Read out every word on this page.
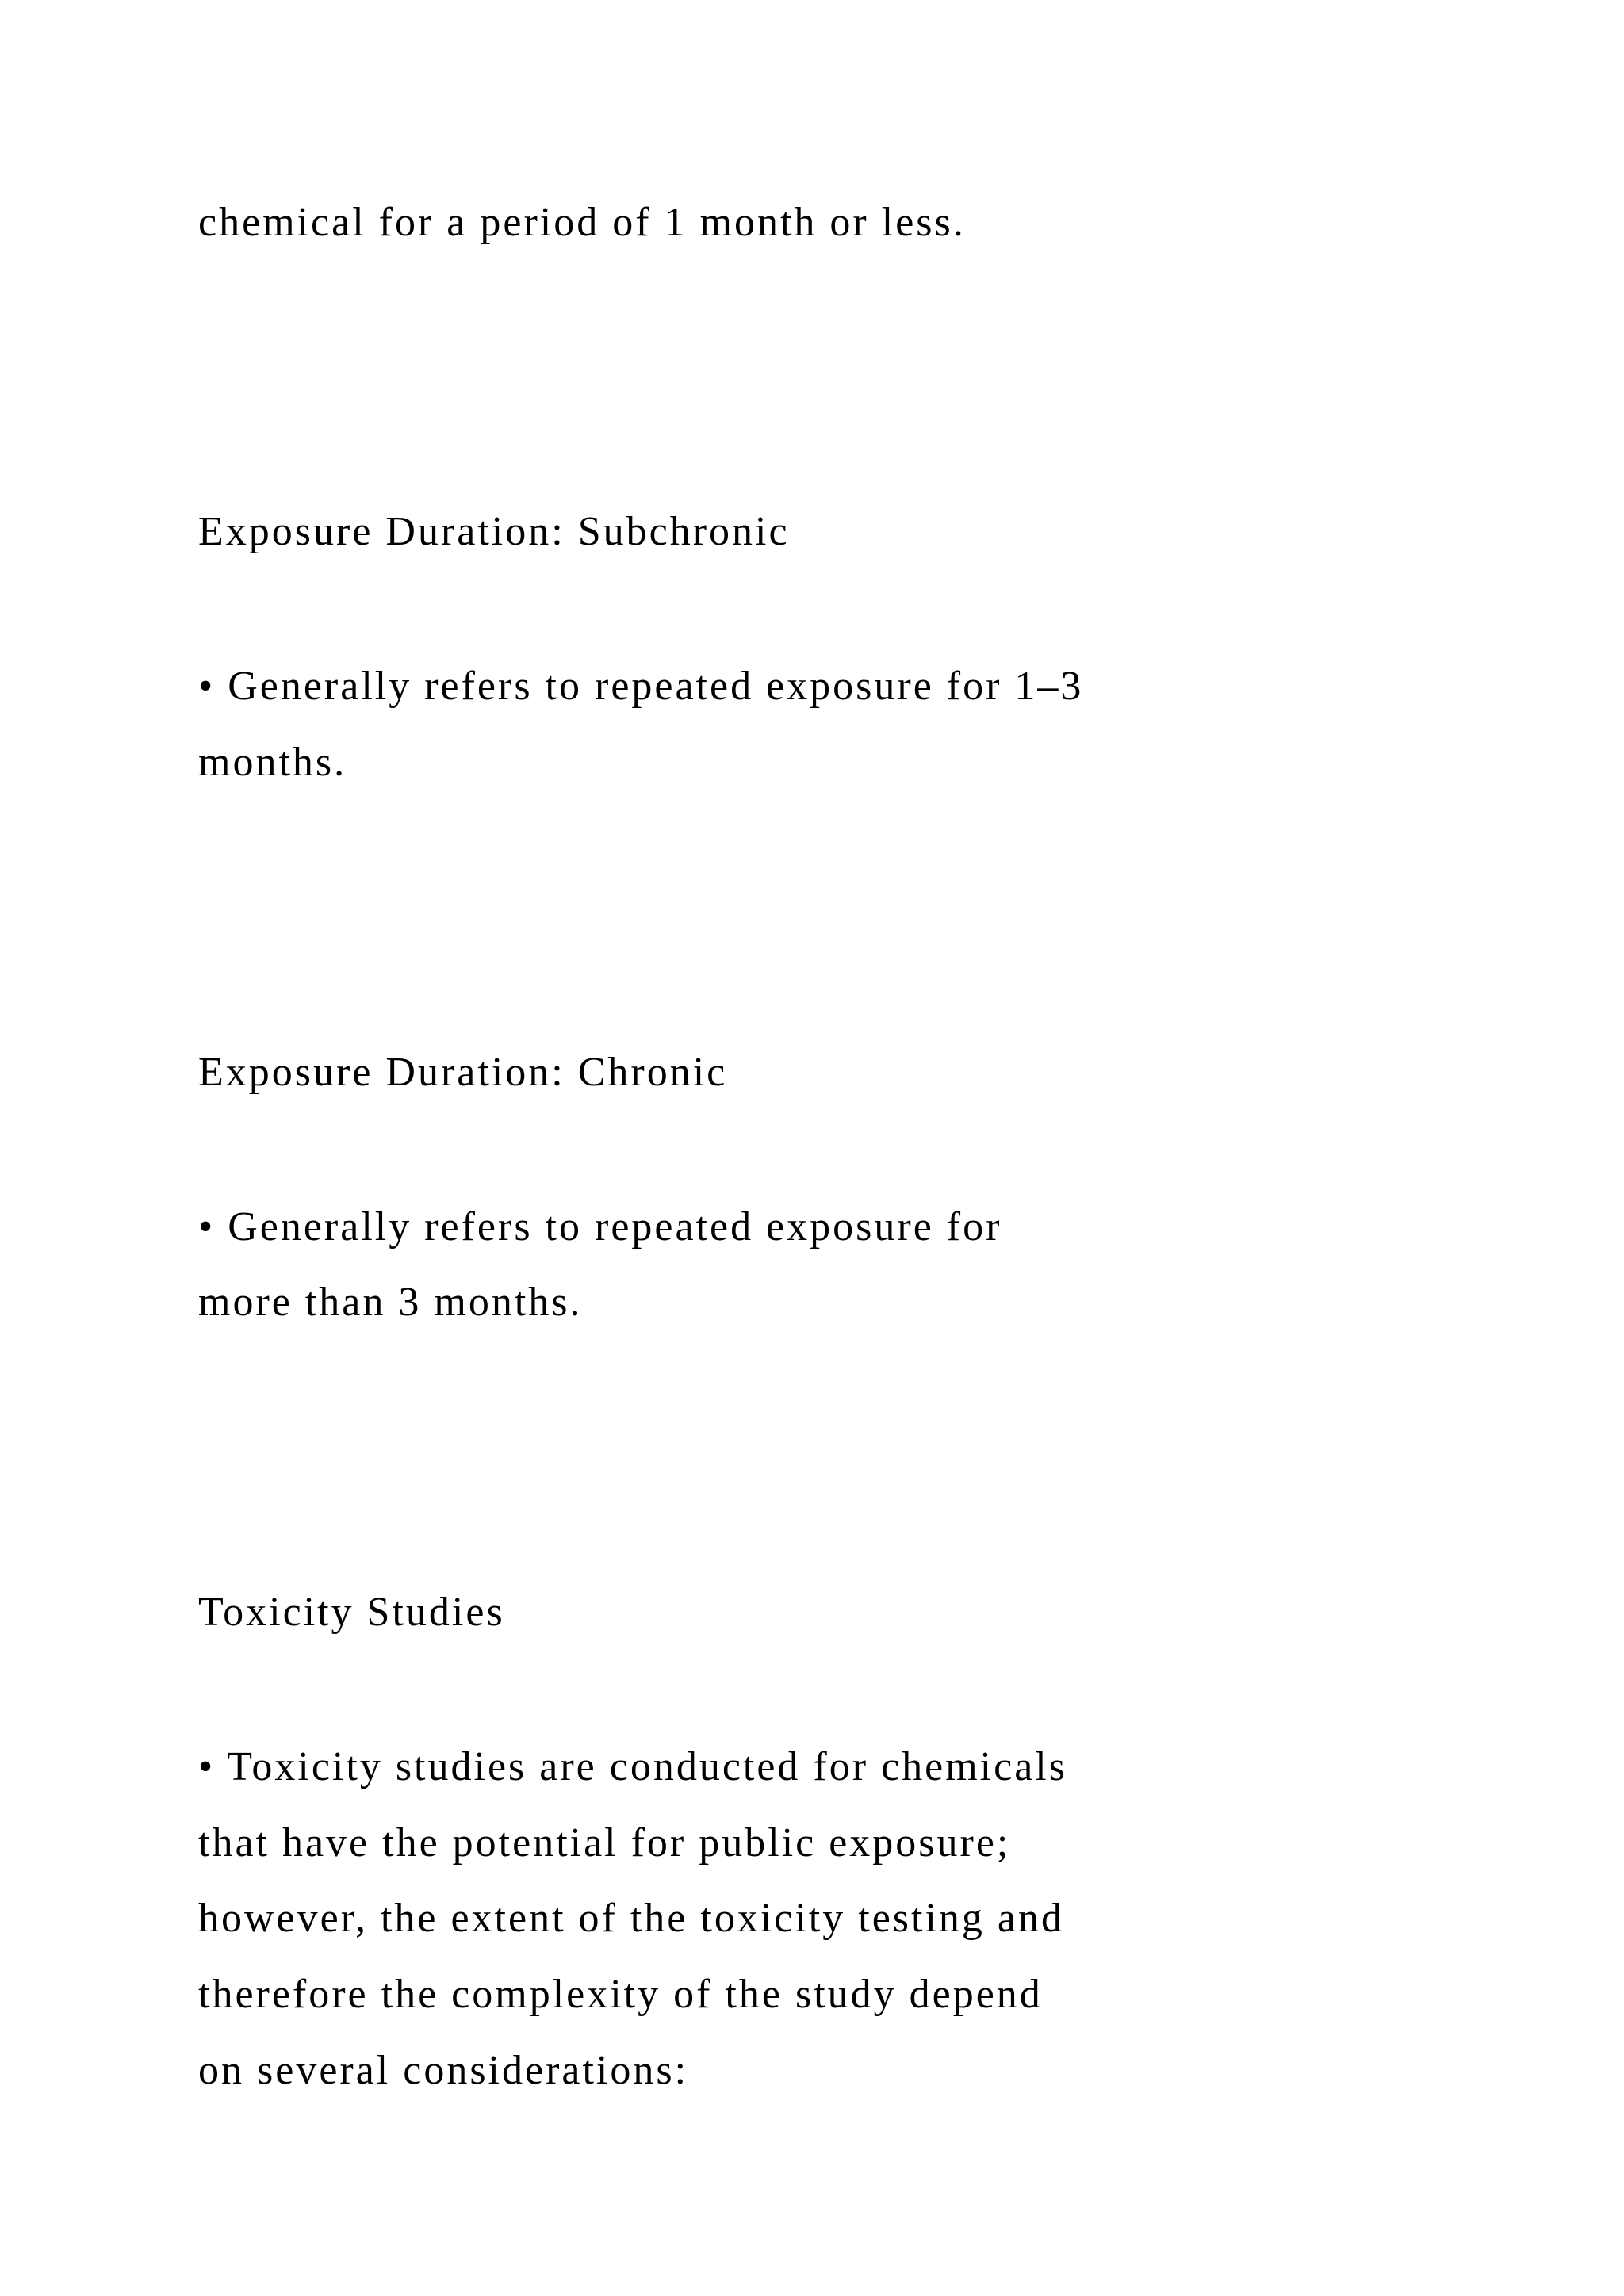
chemical for a period of 1 month or less.

Exposure Duration: Subchronic

• Generally refers to repeated exposure for 1–3

months.

Exposure Duration: Chronic

• Generally refers to repeated exposure for

more than 3 months.

Toxicity Studies

• Toxicity studies are conducted for chemicals

that have the potential for public exposure;

however, the extent of the toxicity testing and

therefore the complexity of the study depend

on several considerations:
